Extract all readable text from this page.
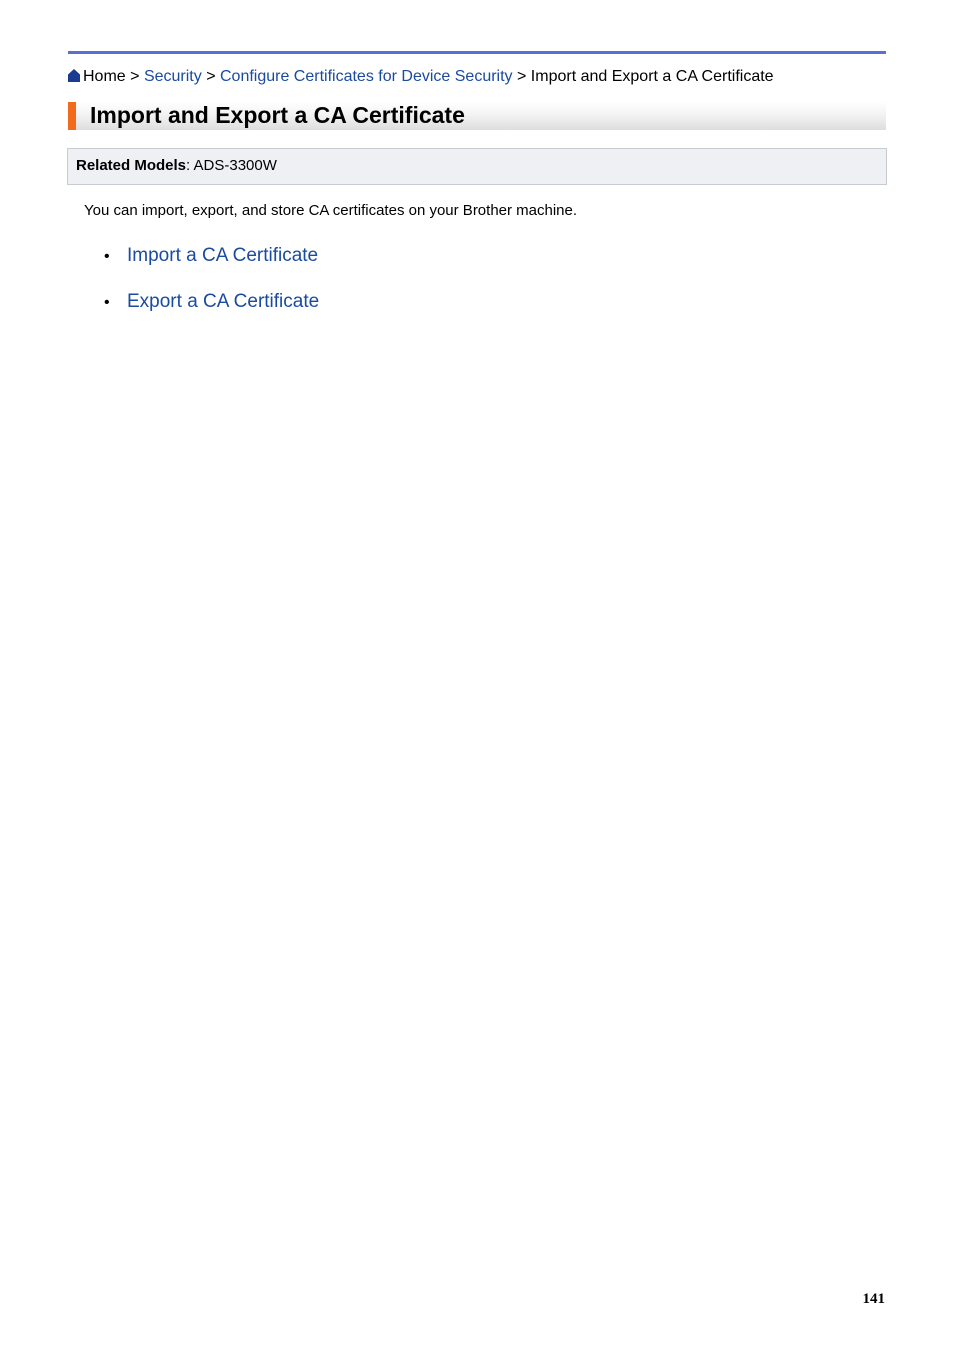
Home > Security > Configure Certificates for Device Security > Import and Export a CA Certificate
Import and Export a CA Certificate
Related Models: ADS-3300W

You can import, export, and store CA certificates on your Brother machine.

• Import a CA Certificate
• Export a CA Certificate
141
